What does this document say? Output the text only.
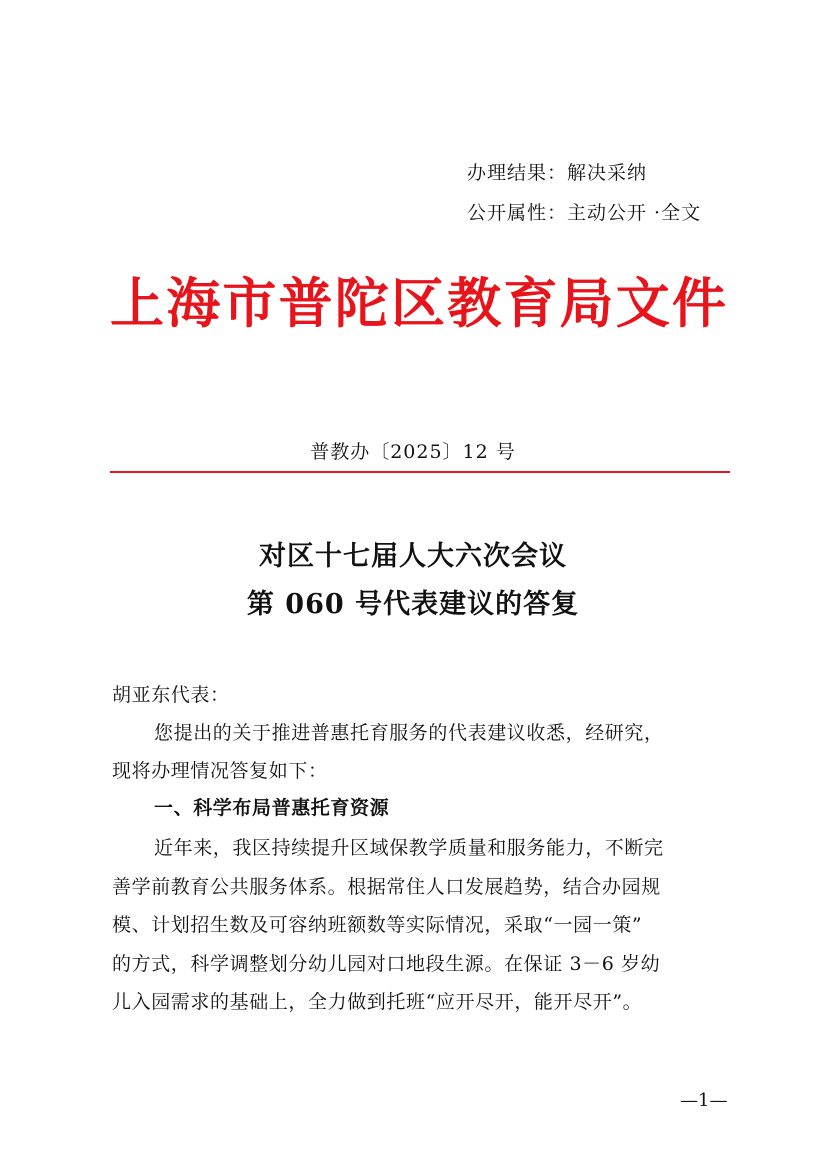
办理结果：解决采纳
公开属性：主动公开 ·全文
上 海 市 普 陀 区 教 育 局 文 件
普教办〔2025〕12 号
对区十七届人大六次会议
第 060 号代表建议的答复
胡亚东代表：
您提出的关于推进普惠托育服务的代表建议收悉，经研究，
现将办理情况答复如下：
一、科学布局普惠托育资源
近年来，我区持续提升区域保教学质量和服务能力，不断完
善学前教育公共服务体系。根据常住人口发展趋势，结合办园规
模、计划招生数及可容纳班额数等实际情况，采取“一园一策”
的方式，科学调整划分幼儿园对口地段生源。在保证 3－6 岁幼
儿入园需求的基础上，全力做到托班“应开尽开，能开尽开”。
—1—
